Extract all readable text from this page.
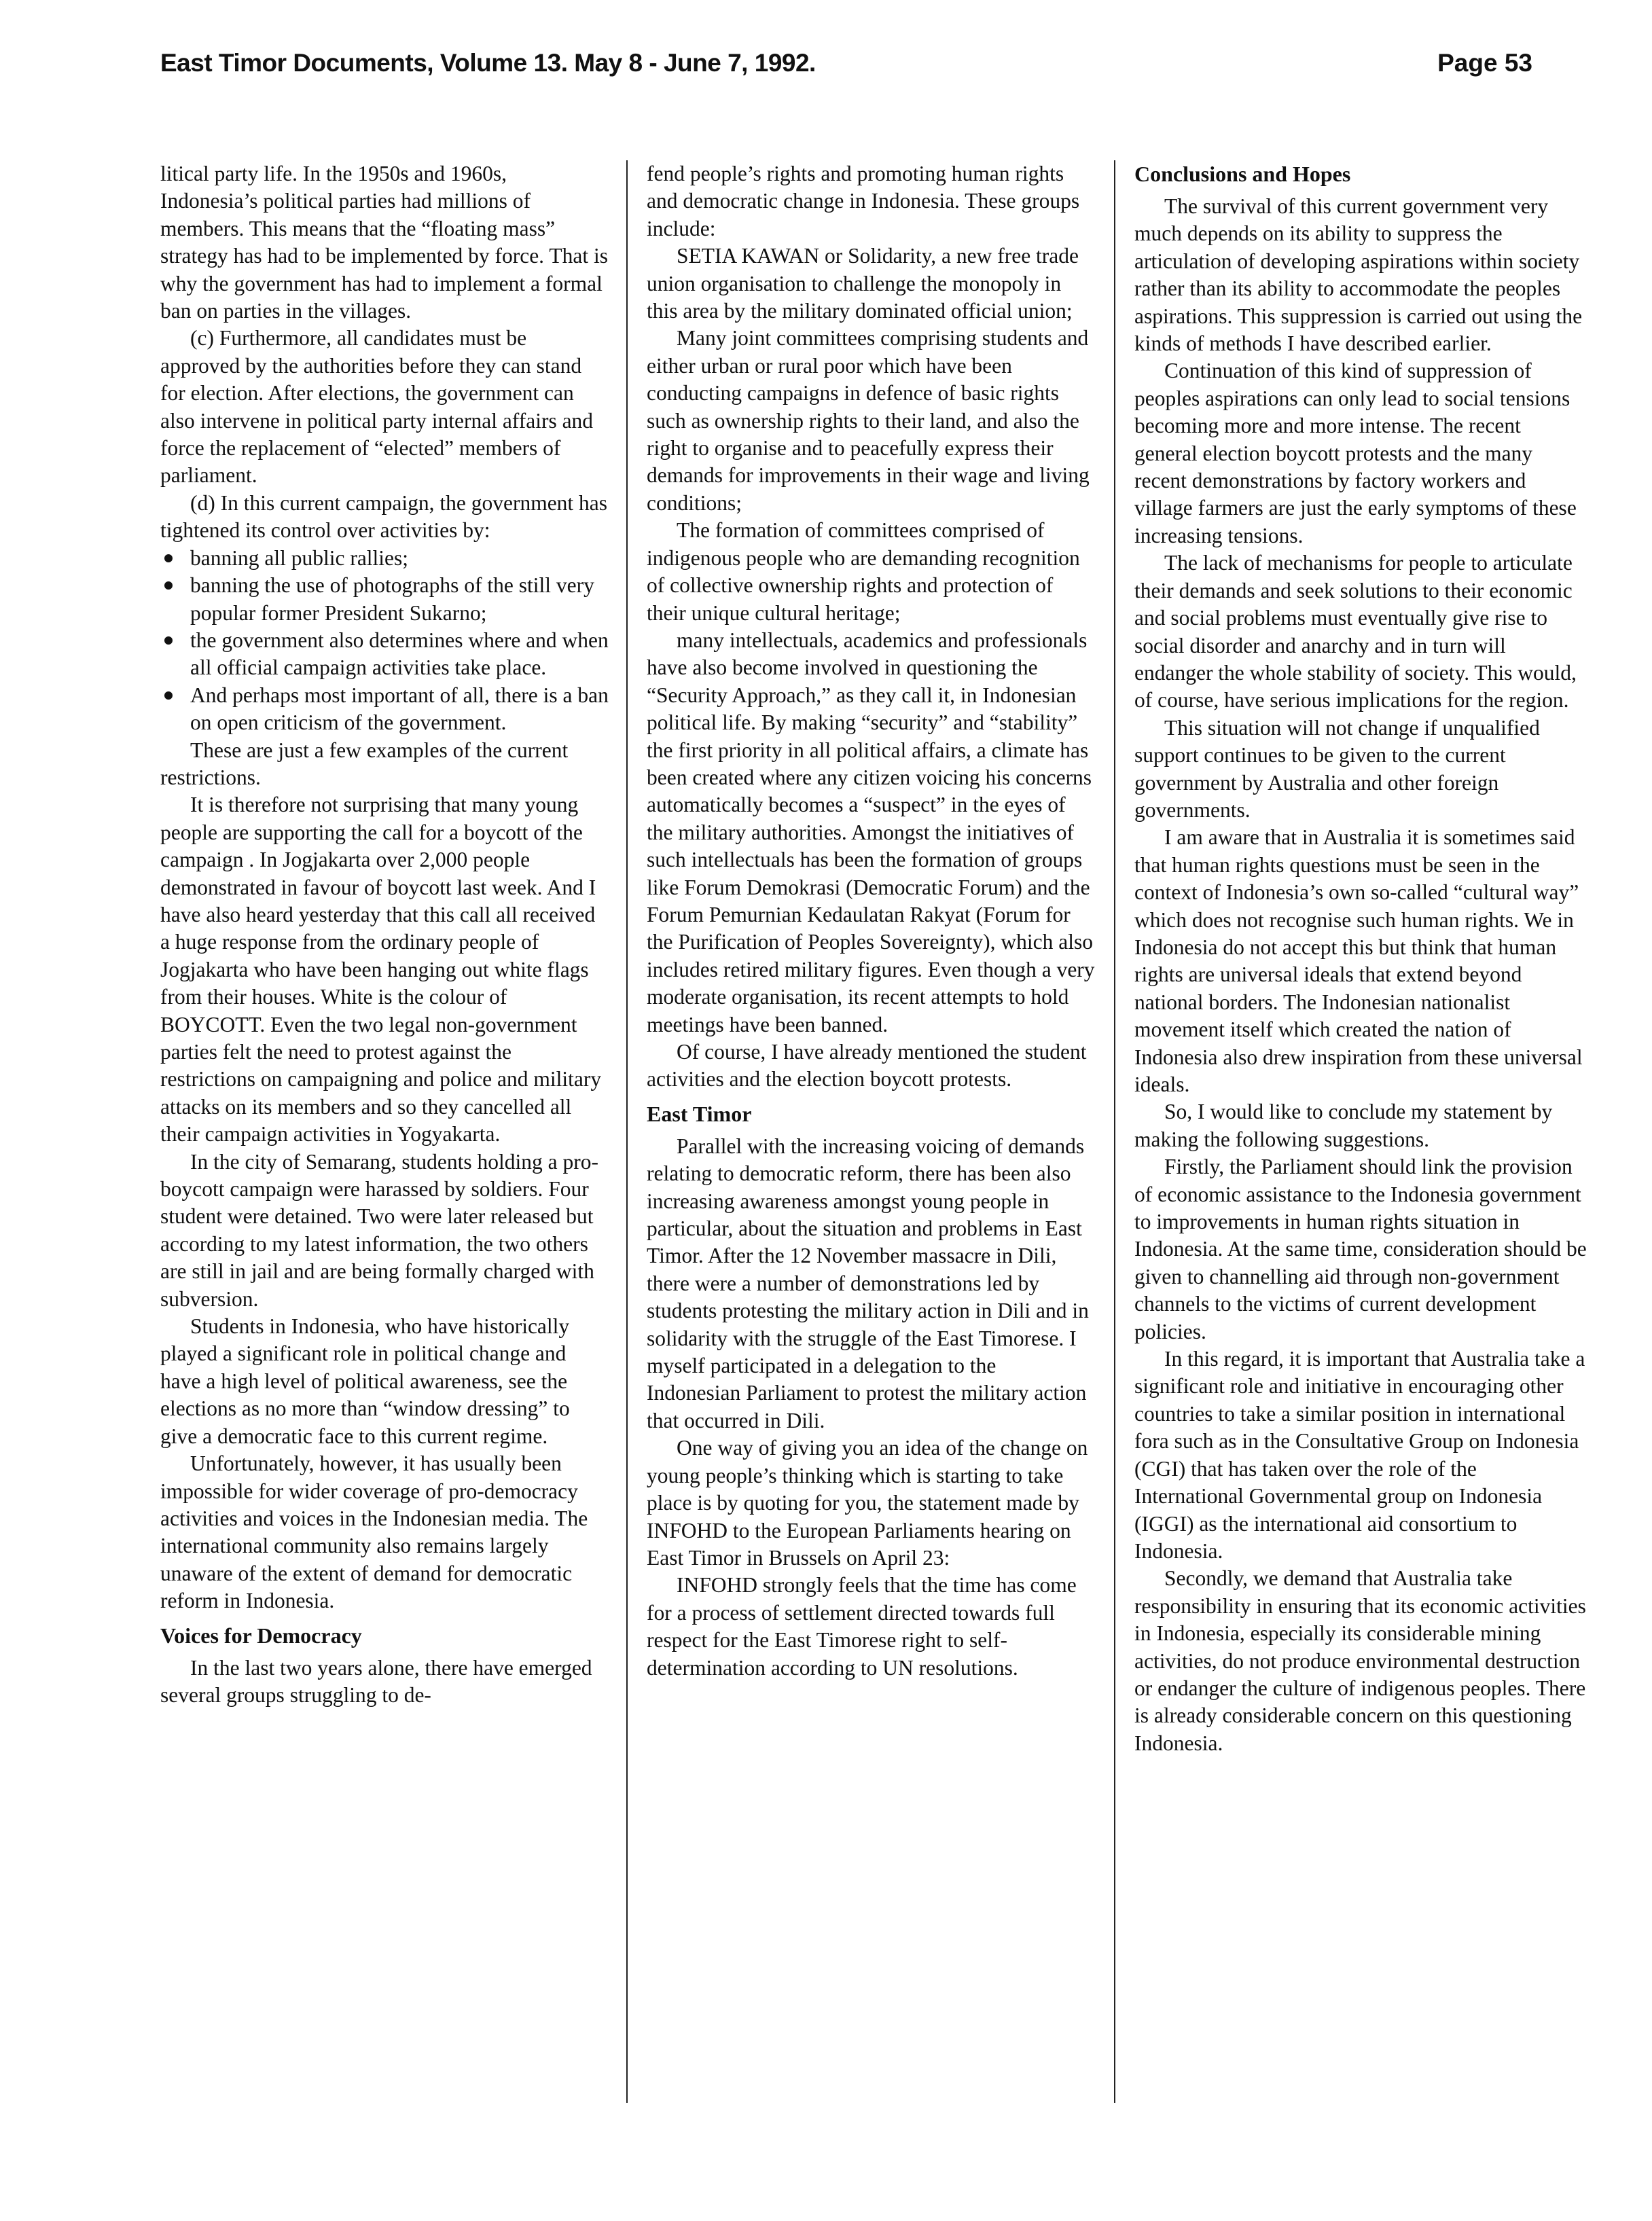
East Timor Documents, Volume 13. May 8 - June 7, 1992.	Page 53

litical party life. In the 1950s and 1960s, Indonesia’s political parties had millions of members. This means that the “floating mass” strategy has had to be implemented by force. That is why the government has had to implement a formal ban on parties in the villages.

(c) Furthermore, all candidates must be approved by the authorities before they can stand for election. After elections, the government can also intervene in political party internal affairs and force the replacement of “elected” members of parliament.

(d) In this current campaign, the government has tightened its control over activities by:

banning all public rallies;
banning the use of photographs of the still very popular former President Sukarno;
the government also determines where and when all official campaign activities take place.
And perhaps most important of all, there is a ban on open criticism of the government.

These are just a few examples of the current restrictions.

It is therefore not surprising that many young people are supporting the call for a boycott of the campaign . In Jogjakarta over 2,000 people demonstrated in favour of boycott last week. And I have also heard yesterday that this call all received a huge response from the ordinary people of Jogjakarta who have been hanging out white flags from their houses. White is the colour of BOYCOTT. Even the two legal non-government parties felt the need to protest against the restrictions on campaigning and police and military attacks on its members and so they cancelled all their campaign activities in Yogyakarta.

In the city of Semarang, students holding a pro-boycott campaign were harassed by soldiers. Four student were detained. Two were later released but according to my latest information, the two others are still in jail and are being formally charged with subversion.

Students in Indonesia, who have historically played a significant role in political change and have a high level of political awareness, see the elections as no more than “window dressing” to give a democratic face to this current regime.

Unfortunately, however, it has usually been impossible for wider coverage of pro-democracy activities and voices in the Indonesian media. The international community also remains largely unaware of the extent of demand for democratic reform in Indonesia.

Voices for Democracy

In the last two years alone, there have emerged several groups struggling to de-

fend people’s rights and promoting human rights and democratic change in Indonesia. These groups include:

SETIA KAWAN or Solidarity, a new free trade union organisation to challenge the monopoly in this area by the military dominated official union;

Many joint committees comprising students and either urban or rural poor which have been conducting campaigns in defence of basic rights such as ownership rights to their land, and also the right to organise and to peacefully express their demands for improvements in their wage and living conditions;

The formation of committees comprised of indigenous people who are demanding recognition of collective ownership rights and protection of their unique cultural heritage;

many intellectuals, academics and professionals have also become involved in questioning the “Security Approach,” as they call it, in Indonesian political life. By making “security” and “stability” the first priority in all political affairs, a climate has been created where any citizen voicing his concerns automatically becomes a “suspect” in the eyes of the military authorities. Amongst the initiatives of such intellectuals has been the formation of groups like Forum Demokrasi (Democratic Forum) and the Forum Pemurnian Kedaulatan Rakyat (Forum for the Purification of Peoples Sovereignty), which also includes retired military figures. Even though a very moderate organisation, its recent attempts to hold meetings have been banned.

Of course, I have already mentioned the student activities and the election boycott protests.

East Timor

Parallel with the increasing voicing of demands relating to democratic reform, there has been also increasing awareness amongst young people in particular, about the situation and problems in East Timor. After the 12 November massacre in Dili, there were a number of demonstrations led by students protesting the military action in Dili and in solidarity with the struggle of the East Timorese. I myself participated in a delegation to the Indonesian Parliament to protest the military action that occurred in Dili.

One way of giving you an idea of the change on young people’s thinking which is starting to take place is by quoting for you, the statement made by INFOHD to the European Parliaments hearing on East Timor in Brussels on April 23:

INFOHD strongly feels that the time has come for a process of settlement directed towards full respect for the East Timorese right to self-determination according to UN resolutions.

Conclusions and Hopes

The survival of this current government very much depends on its ability to suppress the articulation of developing aspirations within society rather than its ability to accommodate the peoples aspirations. This suppression is carried out using the kinds of methods I have described earlier.

Continuation of this kind of suppression of peoples aspirations can only lead to social tensions becoming more and more intense. The recent general election boycott protests and the many recent demonstrations by factory workers and village farmers are just the early symptoms of these increasing tensions.

The lack of mechanisms for people to articulate their demands and seek solutions to their economic and social problems must eventually give rise to social disorder and anarchy and in turn will endanger the whole stability of society. This would, of course, have serious implications for the region.

This situation will not change if unqualified support continues to be given to the current government by Australia and other foreign governments.

I am aware that in Australia it is sometimes said that human rights questions must be seen in the context of Indonesia’s own so-called “cultural way” which does not recognise such human rights. We in Indonesia do not accept this but think that human rights are universal ideals that extend beyond national borders. The Indonesian nationalist movement itself which created the nation of Indonesia also drew inspiration from these universal ideals.

So, I would like to conclude my statement by making the following suggestions.

Firstly, the Parliament should link the provision of economic assistance to the Indonesia government to improvements in human rights situation in Indonesia. At the same time, consideration should be given to channelling aid through non-government channels to the victims of current development policies.

In this regard, it is important that Australia take a significant role and initiative in encouraging other countries to take a similar position in international fora such as in the Consultative Group on Indonesia (CGI) that has taken over the role of the International Governmental group on Indonesia (IGGI) as the international aid consortium to Indonesia.

Secondly, we demand that Australia take responsibility in ensuring that its economic activities in Indonesia, especially its considerable mining activities, do not produce environmental destruction or endanger the culture of indigenous peoples. There is already considerable concern on this questioning Indonesia.
